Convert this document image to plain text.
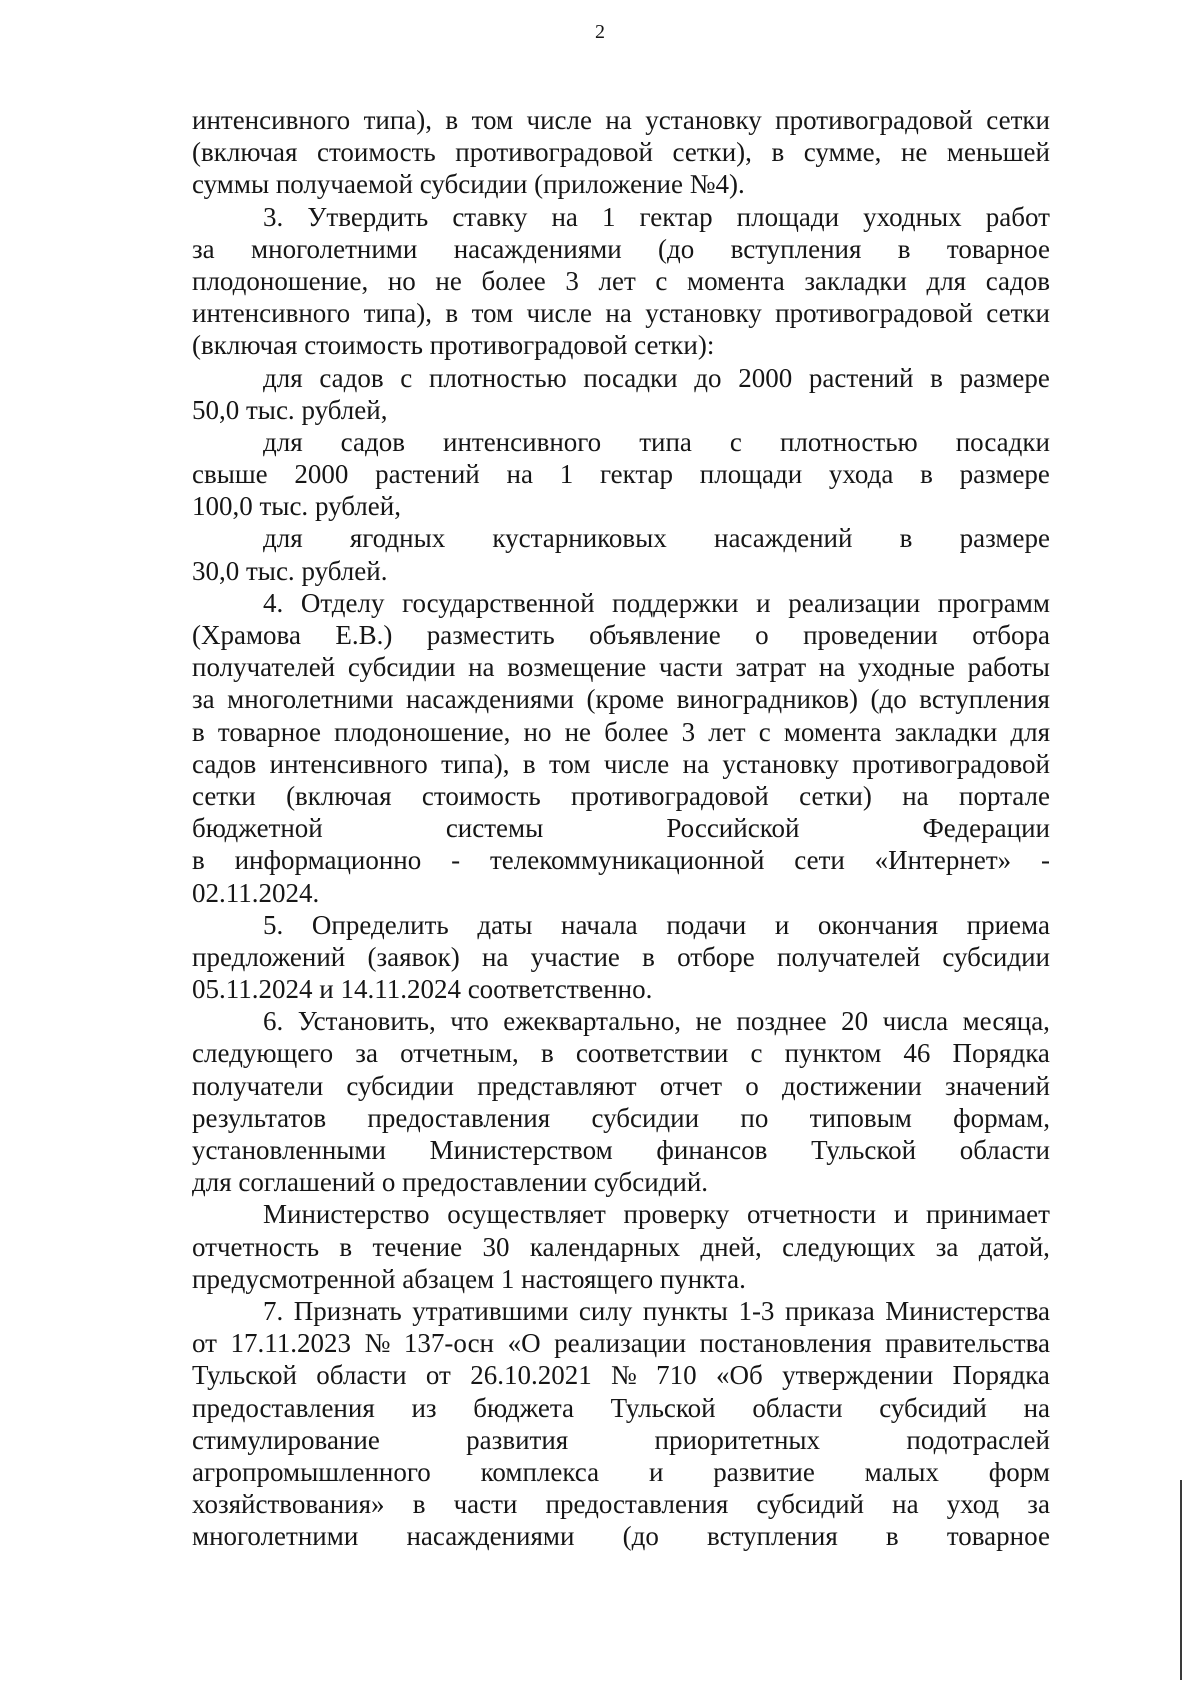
2
интенсивного типа), в том числе на установку противоградовой сетки
(включая стоимость противоградовой сетки), в сумме, не меньшей
суммы получаемой субсидии (приложение №4).
3. Утвердить ставку на 1 гектар площади уходных работ
за многолетними насаждениями (до вступления в товарное
плодоношение, но не более 3 лет с момента закладки для садов
интенсивного типа), в том числе на установку противоградовой сетки
(включая стоимость противоградовой сетки):
для садов с плотностью посадки до 2000 растений в размере
50,0 тыс. рублей,
для садов интенсивного типа с плотностью посадки
свыше 2000 растений на 1 гектар площади ухода в размере
100,0 тыс. рублей,
для ягодных кустарниковых насаждений в размере
30,0 тыс. рублей.
4. Отделу государственной поддержки и реализации программ
(Храмова Е.В.) разместить объявление о проведении отбора
получателей субсидии на возмещение части затрат на уходные работы
за многолетними насаждениями (кроме виноградников) (до вступления
в товарное плодоношение, но не более 3 лет с момента закладки для
садов интенсивного типа), в том числе на установку противоградовой
сетки (включая стоимость противоградовой сетки) на портале
бюджетной	системы	Российской	Федерации
в информационно - телекоммуникационной сети «Интернет» -
02.11.2024.
5. Определить даты начала подачи и окончания приема
предложений (заявок) на участие в отборе получателей субсидии
05.11.2024 и 14.11.2024 соответственно.
6. Установить, что ежеквартально, не позднее 20 числа месяца,
следующего за отчетным, в соответствии с пунктом 46 Порядка
получатели субсидии представляют отчет о достижении значений
результатов предоставления субсидии по типовым формам,
установленными Министерством финансов Тульской области
для соглашений о предоставлении субсидий.
Министерство осуществляет проверку отчетности и принимает
отчетность в течение 30 календарных дней, следующих за датой,
предусмотренной абзацем 1 настоящего пункта.
7. Признать утратившими силу пункты 1-3 приказа Министерства
от 17.11.2023 № 137-осн «О реализации постановления правительства
Тульской области от 26.10.2021 № 710 «Об утверждении Порядка
предоставления из бюджета Тульской области субсидий на
стимулирование	развития	приоритетных	подотраслей
агропромышленного комплекса и развитие малых форм
хозяйствования» в части предоставления субсидий на уход за
многолетними насаждениями (до вступления в товарное
